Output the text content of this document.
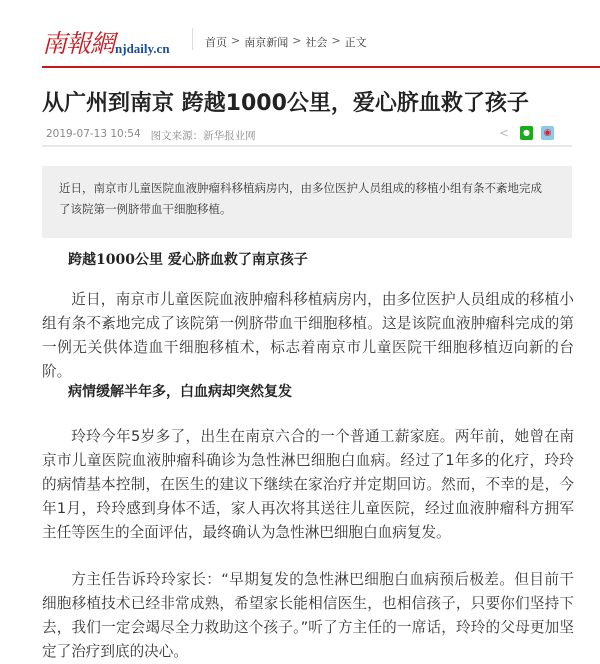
南報網 njdaily.cn	首页 > 南京新闻 > 社会 > 正文
从广州到南京 跨越1000公里，爱心脐血救了孩子
2019-07-13 10:54 图文来源：新华报业网	<	●	◉
近日，南京市儿童医院血液肿瘤科移植病房内，由多位医护人员组成的移植小组有条不紊地完成了该院第一例脐带血干细胞移植。
跨越1000公里 爱心脐血救了南京孩子

近日，南京市儿童医院血液肿瘤科移植病房内，由多位医护人员组成的移植小组有条不紊地完成了该院第一例脐带血干细胞移植。这是该院血液肿瘤科完成的第一例无关供体造血干细胞移植术，标志着南京市儿童医院干细胞移植迈向新的台阶。

病情缓解半年多，白血病却突然复发

玲玲今年5岁多了，出生在南京六合的一个普通工薪家庭。两年前，她曾在南京市儿童医院血液肿瘤科确诊为急性淋巴细胞白血病。经过了1年多的化疗，玲玲的病情基本控制，在医生的建议下继续在家治疗并定期回访。然而，不幸的是，今年1月，玲玲感到身体不适，家人再次将其送往儿童医院，经过血液肿瘤科方拥军主任等医生的全面评估，最终确认为急性淋巴细胞白血病复发。

方主任告诉玲玲家长：“早期复发的急性淋巴细胞白血病预后极差。但目前干细胞移植技术已经非常成熟，希望家长能相信医生，也相信孩子，只要你们坚持下去，我们一定会竭尽全力救助这个孩子。”听了方主任的一席话，玲玲的父母更加坚定了治疗到底的决心。
